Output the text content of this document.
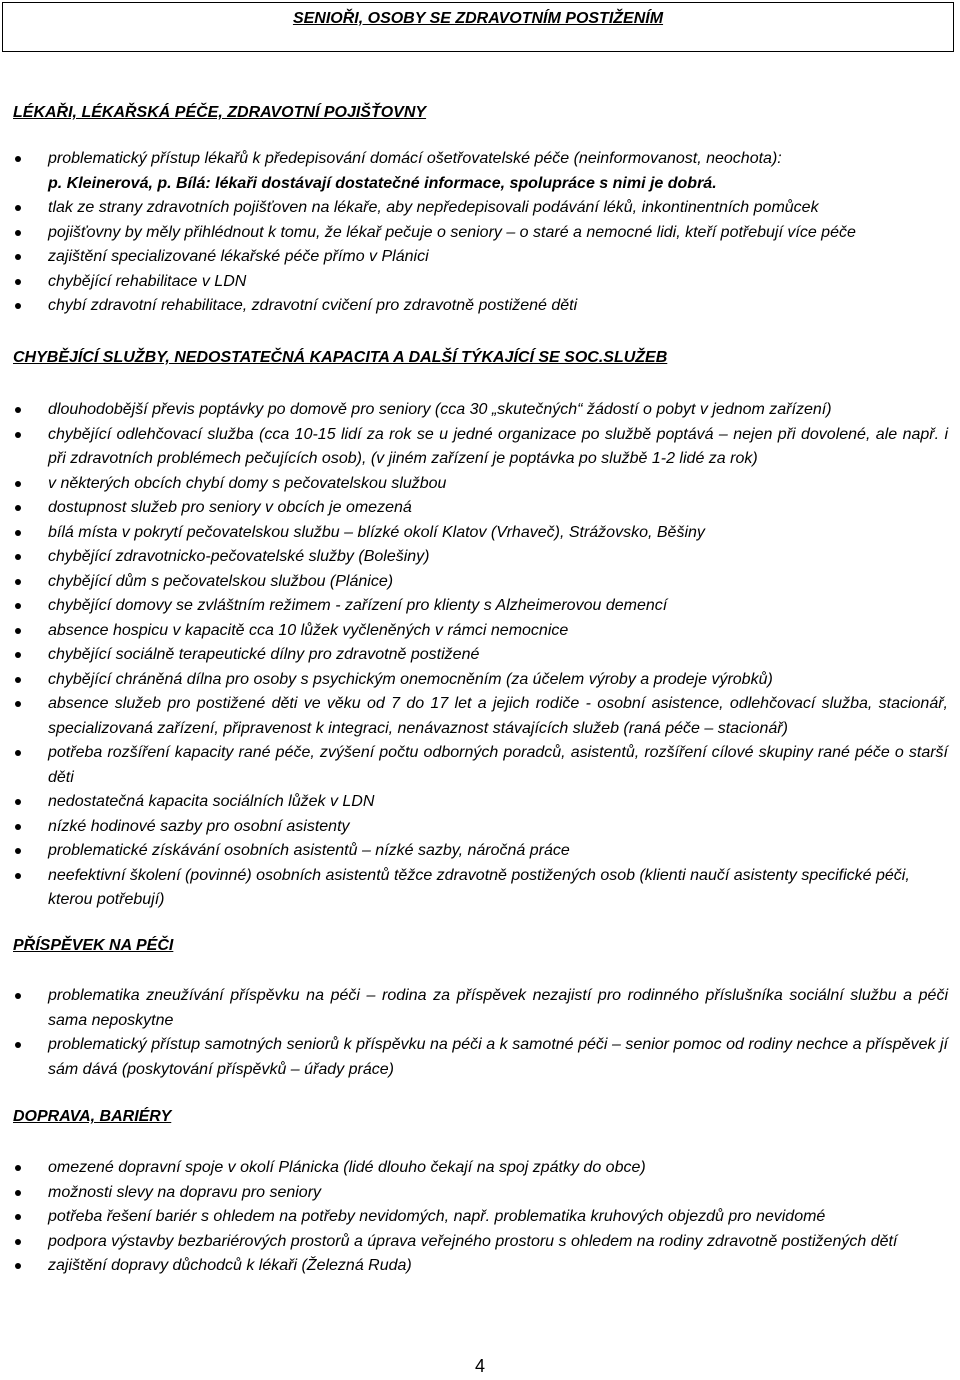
SENIOŘI, OSOBY SE ZDRAVOTNÍM POSTIŽENÍM
LÉKAŘI, LÉKAŘSKÁ PÉČE, ZDRAVOTNÍ POJIŠŤOVNY
problematický přístup lékařů k předepisování domácí ošetřovatelské péče (neinformovanost, neochota):
p. Kleinerová, p. Bílá: lékaři dostávají dostatečné informace, spolupráce s nimi je dobrá.
tlak ze strany zdravotních pojišťoven na lékaře, aby nepředepisovali podávání léků, inkontinentních pomůcek
pojišťovny by měly přihlédnout k tomu, že lékař pečuje o seniory – o staré a nemocné lidi, kteří potřebují více péče
zajištění specializované lékařské péče přímo v Plánici
chybějící rehabilitace v LDN
chybí zdravotní rehabilitace, zdravotní cvičení pro zdravotně postižené děti
CHYBĚJÍCÍ SLUŽBY, NEDOSTATEČNÁ KAPACITA A DALŠÍ TÝKAJÍCÍ SE SOC.SLUŽEB
dlouhodobější převis poptávky po domově pro seniory (cca 30 „skutečných“ žádostí o pobyt v jednom zařízení)
chybějící odlehčovací služba (cca 10-15 lidí za rok se u jedné organizace po službě poptává – nejen při dovolené, ale např. i při zdravotních problémech pečujících osob), (v jiném zařízení je poptávka po službě 1-2 lidé za rok)
v některých obcích chybí domy s pečovatelskou službou
dostupnost služeb pro seniory v obcích je omezená
bílá místa v pokrytí pečovatelskou službu – blízké okolí Klatov (Vrhaveč), Strážovsko, Běšiny
chybějící zdravotnicko-pečovatelské služby (Bolešiny)
chybějící dům s pečovatelskou službou (Plánice)
chybějící domovy se zvláštním režimem - zařízení pro klienty s Alzheimerovou demencí
absence hospicu v kapacitě cca 10 lůžek vyčleněných v rámci nemocnice
chybějící sociálně terapeutické dílny pro zdravotně postižené
chybějící chráněná dílna pro osoby s psychickým onemocněním (za účelem výroby a prodeje výrobků)
absence služeb pro postižené děti ve věku od 7 do 17 let a jejich rodiče - osobní asistence, odlehčovací služba, stacionář, specializovaná zařízení, připravenost k integraci, nenávaznost stávajících služeb (raná péče – stacionář)
potřeba rozšíření kapacity rané péče, zvýšení počtu odborných poradců, asistentů, rozšíření cílové skupiny rané péče o starší děti
nedostatečná kapacita sociálních lůžek v LDN
nízké hodinové sazby pro osobní asistenty
problematické získávání osobních asistentů – nízké sazby, náročná práce
neefektivní školení (povinné) osobních asistentů těžce zdravotně postižených osob (klienti naučí asistenty specifické péči, kterou potřebují)
PŘÍSPĚVEK NA PÉČI
problematika zneužívání příspěvku na péči – rodina za příspěvek nezajistí pro rodinného příslušníka sociální službu a péči sama neposkytne
problematický přístup samotných seniorů k příspěvku na péči a k samotné péči – senior pomoc od rodiny nechce a příspěvek jí sám dává (poskytování příspěvků – úřady práce)
DOPRAVA, BARIÉRY
omezené dopravní spoje v okolí Plánicka (lidé dlouho čekají na spoj zpátky do obce)
možnosti slevy na dopravu pro seniory
potřeba řešení bariér s ohledem na potřeby nevidomých, např. problematika kruhových objezdů pro nevidomé
podpora výstavby bezbariérových prostorů a úprava veřejného prostoru s ohledem na rodiny zdravotně postižených dětí
zajištění dopravy důchodců k lékaři (Železná Ruda)
4
